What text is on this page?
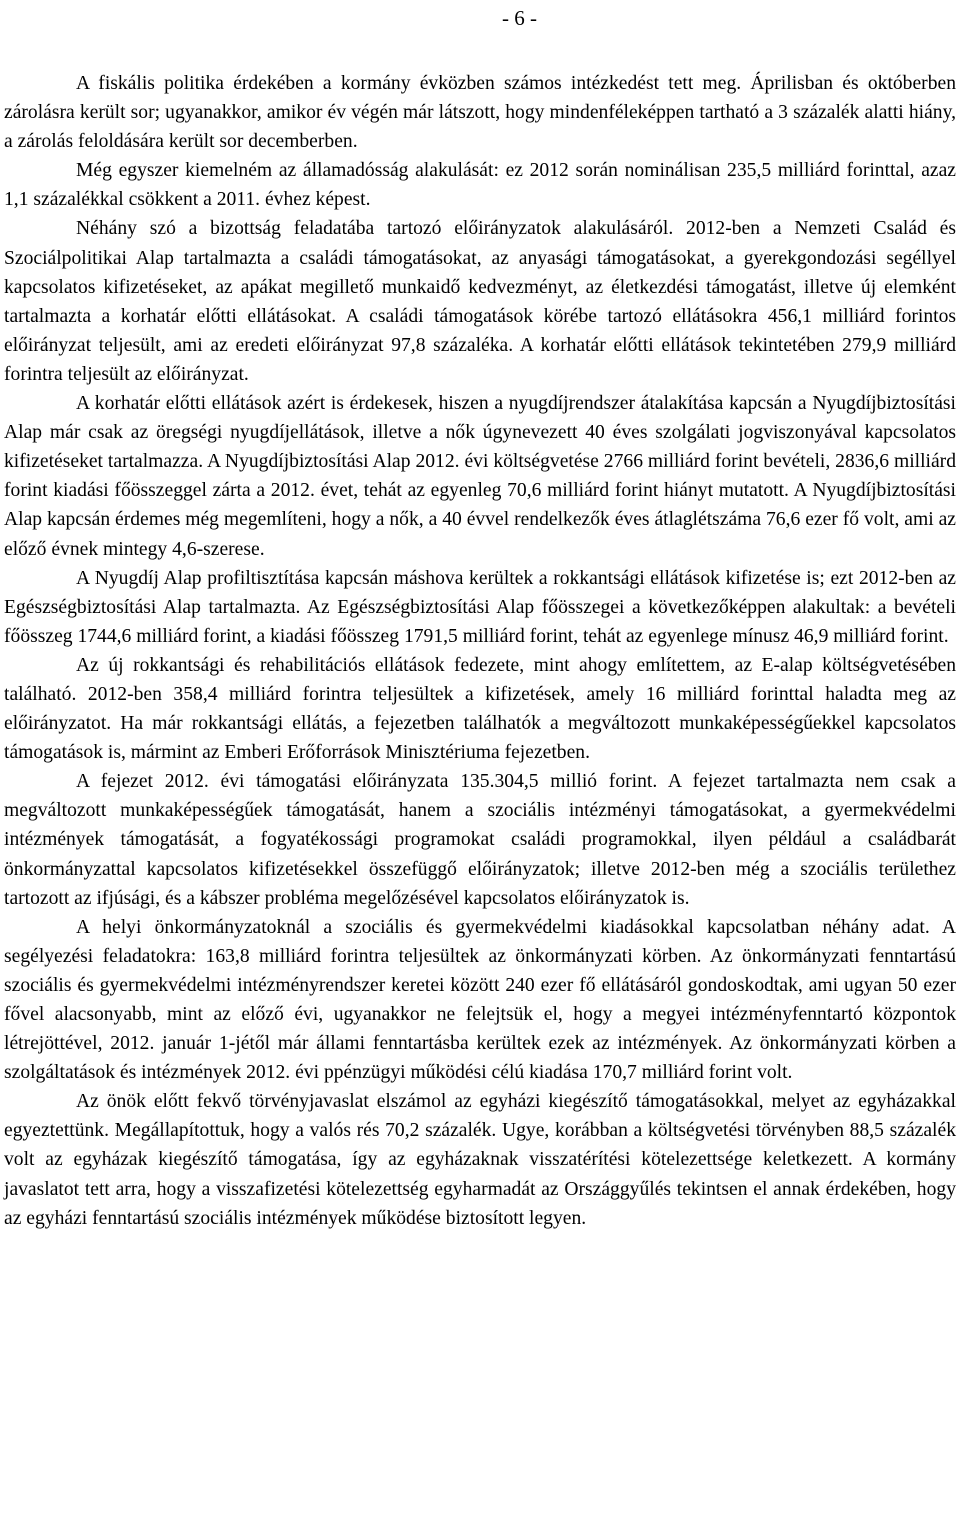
- 6 -

A fiskális politika érdekében a kormány évközben számos intézkedést tett meg. Áprilisban és októberben zárolásra került sor; ugyanakkor, amikor év végén már látszott, hogy mindenféleképpen tartható a 3 százalék alatti hiány, a zárolás feloldására került sor decemberben.

Még egyszer kiemelném az államadósság alakulását: ez 2012 során nominálisan 235,5 milliárd forinttal, azaz 1,1 százalékkal csökkent a 2011. évhez képest.

Néhány szó a bizottság feladatába tartozó előirányzatok alakulásáról. 2012-ben a Nemzeti Család és Szociálpolitikai Alap tartalmazta a családi támogatásokat, az anyasági támogatásokat, a gyerekgondozási segéllyel kapcsolatos kifizetéseket, az apákat megillető munkaidő kedvezményt, az életkezdési támogatást, illetve új elemként tartalmazta a korhatár előtti ellátásokat. A családi támogatások körébe tartozó ellátásokra 456,1 milliárd forintos előirányzat teljesült, ami az eredeti előirányzat 97,8 százaléka. A korhatár előtti ellátások tekintetében 279,9 milliárd forintra teljesült az előirányzat.

A korhatár előtti ellátások azért is érdekesek, hiszen a nyugdíjrendszer átalakítása kapcsán a Nyugdíjbiztosítási Alap már csak az öregségi nyugdíjellátások, illetve a nők úgynevezett 40 éves szolgálati jogviszonyával kapcsolatos kifizetéseket tartalmazza. A Nyugdíjbiztosítási Alap 2012. évi költségvetése 2766 milliárd forint bevételi, 2836,6 milliárd forint kiadási főösszeggel zárta a 2012. évet, tehát az egyenleg 70,6 milliárd forint hiányt mutatott. A Nyugdíjbiztosítási Alap kapcsán érdemes még megemlíteni, hogy a nők, a 40 évvel rendelkezők éves átlaglétszáma 76,6 ezer fő volt, ami az előző évnek mintegy 4,6-szerese.

A Nyugdíj Alap profiltisztítása kapcsán máshova kerültek a rokkantsági ellátások kifizetése is; ezt 2012-ben az Egészségbiztosítási Alap tartalmazta. Az Egészségbiztosítási Alap főösszegei a következőképpen alakultak: a bevételi főösszeg 1744,6 milliárd forint, a kiadási főösszeg 1791,5 milliárd forint, tehát az egyenlege mínusz 46,9 milliárd forint.

Az új rokkantsági és rehabilitációs ellátások fedezete, mint ahogy említettem, az E-alap költségvetésében található. 2012-ben 358,4 milliárd forintra teljesültek a kifizetések, amely 16 milliárd forinttal haladta meg az előirányzatot. Ha már rokkantsági ellátás, a fejezetben találhatók a megváltozott munkaképességűekkel kapcsolatos támogatások is, mármint az Emberi Erőforrások Minisztériuma fejezetben.

A fejezet 2012. évi támogatási előirányzata 135.304,5 millió forint. A fejezet tartalmazta nem csak a megváltozott munkaképességűek támogatását, hanem a szociális intézményi támogatásokat, a gyermekvédelmi intézmények támogatását, a fogyatékossági programokat családi programokkal, ilyen például a családbarát önkormányzattal kapcsolatos kifizetésekkel összefüggő előirányzatok; illetve 2012-ben még a szociális területhez tartozott az ifjúsági, és a kábszer probléma megelőzésével kapcsolatos előirányzatok is.

A helyi önkormányzatoknál a szociális és gyermekvédelmi kiadásokkal kapcsolatban néhány adat. A segélyezési feladatokra: 163,8 milliárd forintra teljesültek az önkormányzati körben. Az önkormányzati fenntartású szociális és gyermekvédelmi intézményrendszer keretei között 240 ezer fő ellátásáról gondoskodtak, ami ugyan 50 ezer fővel alacsonyabb, mint az előző évi, ugyanakkor ne felejtsük el, hogy a megyei intézményfenntartó központok létrejöttével, 2012. január 1-jétől már állami fenntartásba kerültek ezek az intézmények. Az önkormányzati körben a szolgáltatások és intézmények 2012. évi ppénzügyi működési célú kiadása 170,7 milliárd forint volt.

Az önök előtt fekvő törvényjavaslat elszámol az egyházi kiegészítő támogatásokkal, melyet az egyházakkal egyeztettünk. Megállapítottuk, hogy a valós rés 70,2 százalék. Ugye, korábban a költségvetési törvényben 88,5 százalék volt az egyházak kiegészítő támogatása, így az egyházaknak visszatérítési kötelezettsége keletkezett. A kormány javaslatot tett arra, hogy a visszafizetési kötelezettség egyharmadát az Országgyűlés tekintsen el annak érdekében, hogy az egyházi fenntartású szociális intézmények működése biztosított legyen.
